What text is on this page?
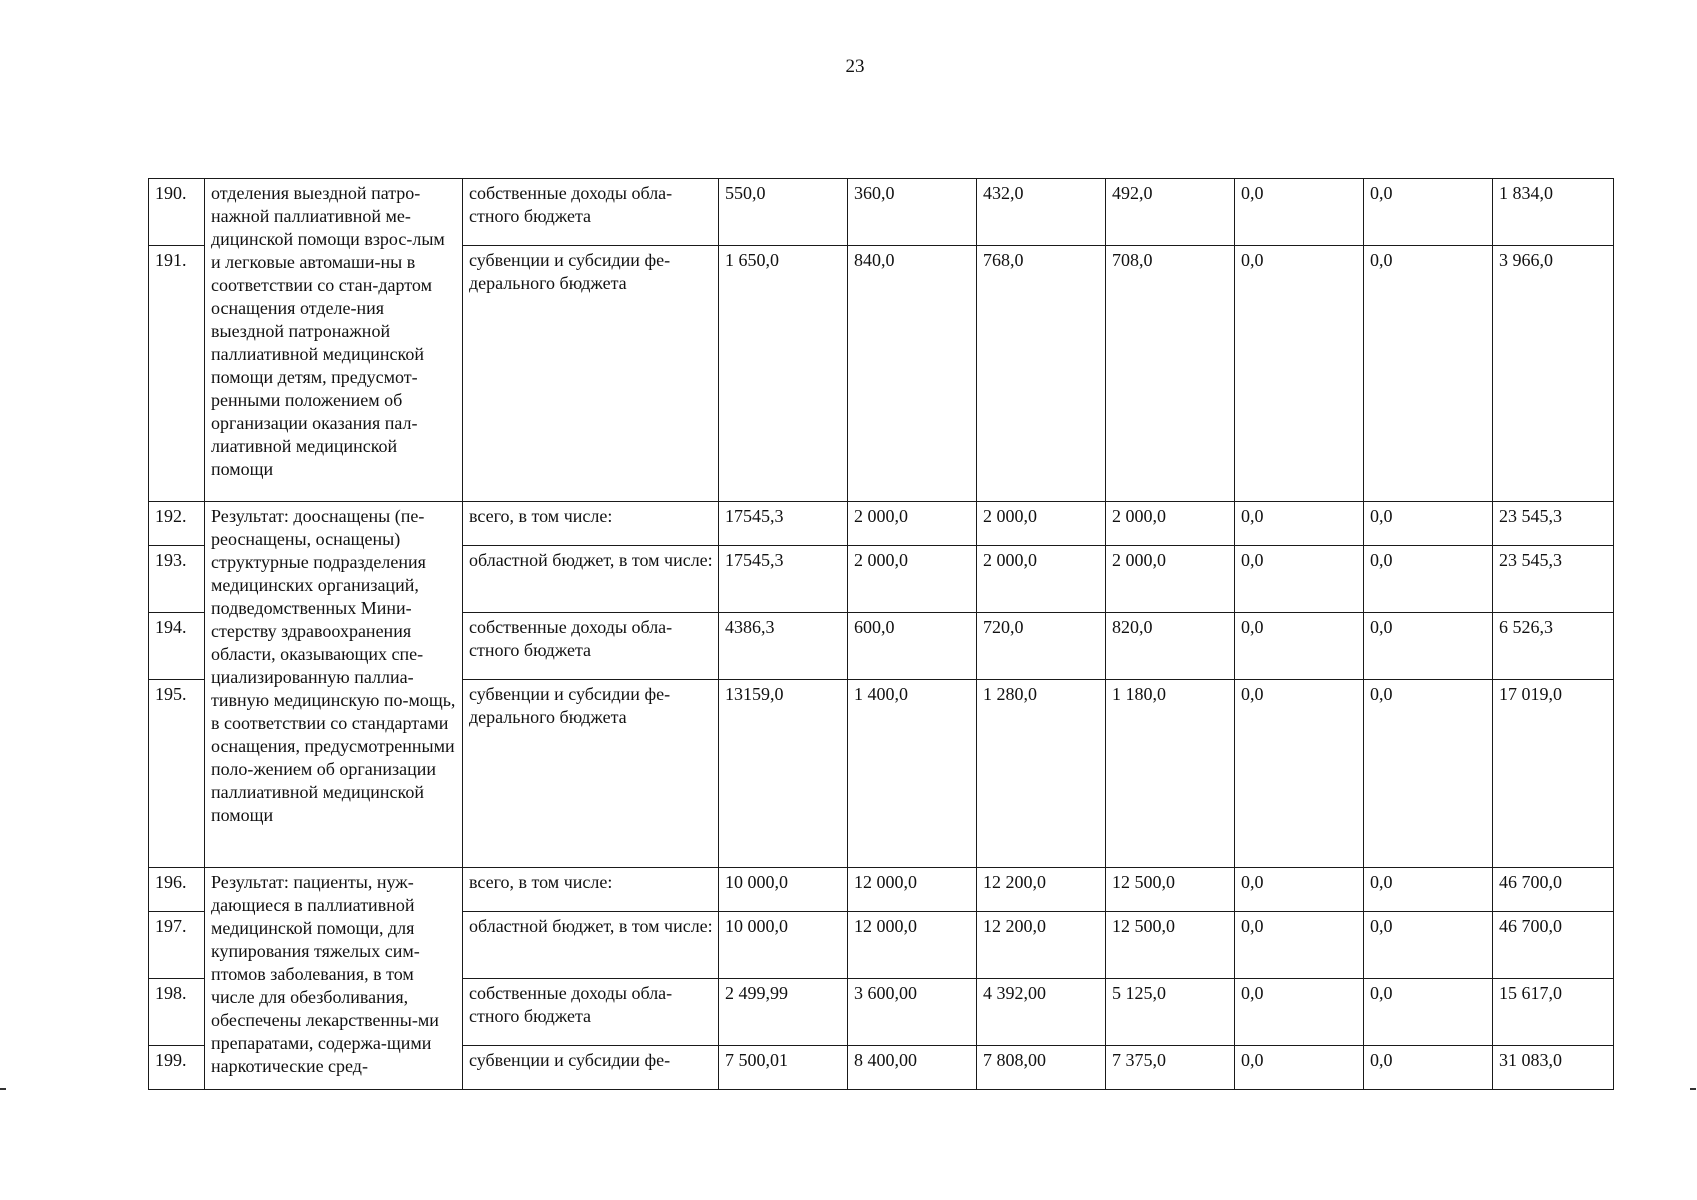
23
190.	отделения выездной патро-нажной паллиативной ме-дицинской помощи взрос-лым и легковые автомаши-ны в соответствии со стан-дартом оснащения отделе-ния выездной патронажной паллиативной медицинской помощи детям, предусмот-ренными положением об организации оказания пал-лиативной медицинской помощи	собственные доходы обла-стного бюджета	550,0	360,0	432,0	492,0	0,0	0,0	1 834,0
191.		субвенции и субсидии фе-дерального бюджета	1 650,0	840,0	768,0	708,0	0,0	0,0	3 966,0
192.	Результат: дооснащены (пе-реоснащены, оснащены) структурные подразделения медицинских организаций, подведомственных Мини-стерству здравоохранения области, оказывающих спе-циализированную паллиа-тивную медицинскую по-мощь, в соответствии со стандартами оснащения, предусмотренными поло-жением об организации паллиативной медицинской помощи	всего, в том числе:	17545,3	2 000,0	2 000,0	2 000,0	0,0	0,0	23 545,3
193.		областной бюджет, в том числе:	17545,3	2 000,0	2 000,0	2 000,0	0,0	0,0	23 545,3
194.		собственные доходы обла-стного бюджета	4386,3	600,0	720,0	820,0	0,0	0,0	6 526,3
195.		субвенции и субсидии фе-дерального бюджета	13159,0	1 400,0	1 280,0	1 180,0	0,0	0,0	17 019,0
196.	Результат: пациенты, нуж-дающиеся в паллиативной медицинской помощи, для купирования тяжелых сим-птомов заболевания, в том числе для обезболивания, обеспечены лекарственны-ми препаратами, содержа-щими наркотические сред-	всего, в том числе:	10 000,0	12 000,0	12 200,0	12 500,0	0,0	0,0	46 700,0
197.		областной бюджет, в том числе:	10 000,0	12 000,0	12 200,0	12 500,0	0,0	0,0	46 700,0
198.		собственные доходы обла-стного бюджета	2 499,99	3 600,00	4 392,00	5 125,0	0,0	0,0	15 617,0
199.		субвенции и субсидии фе-	7 500,01	8 400,00	7 808,00	7 375,0	0,0	0,0	31 083,0
